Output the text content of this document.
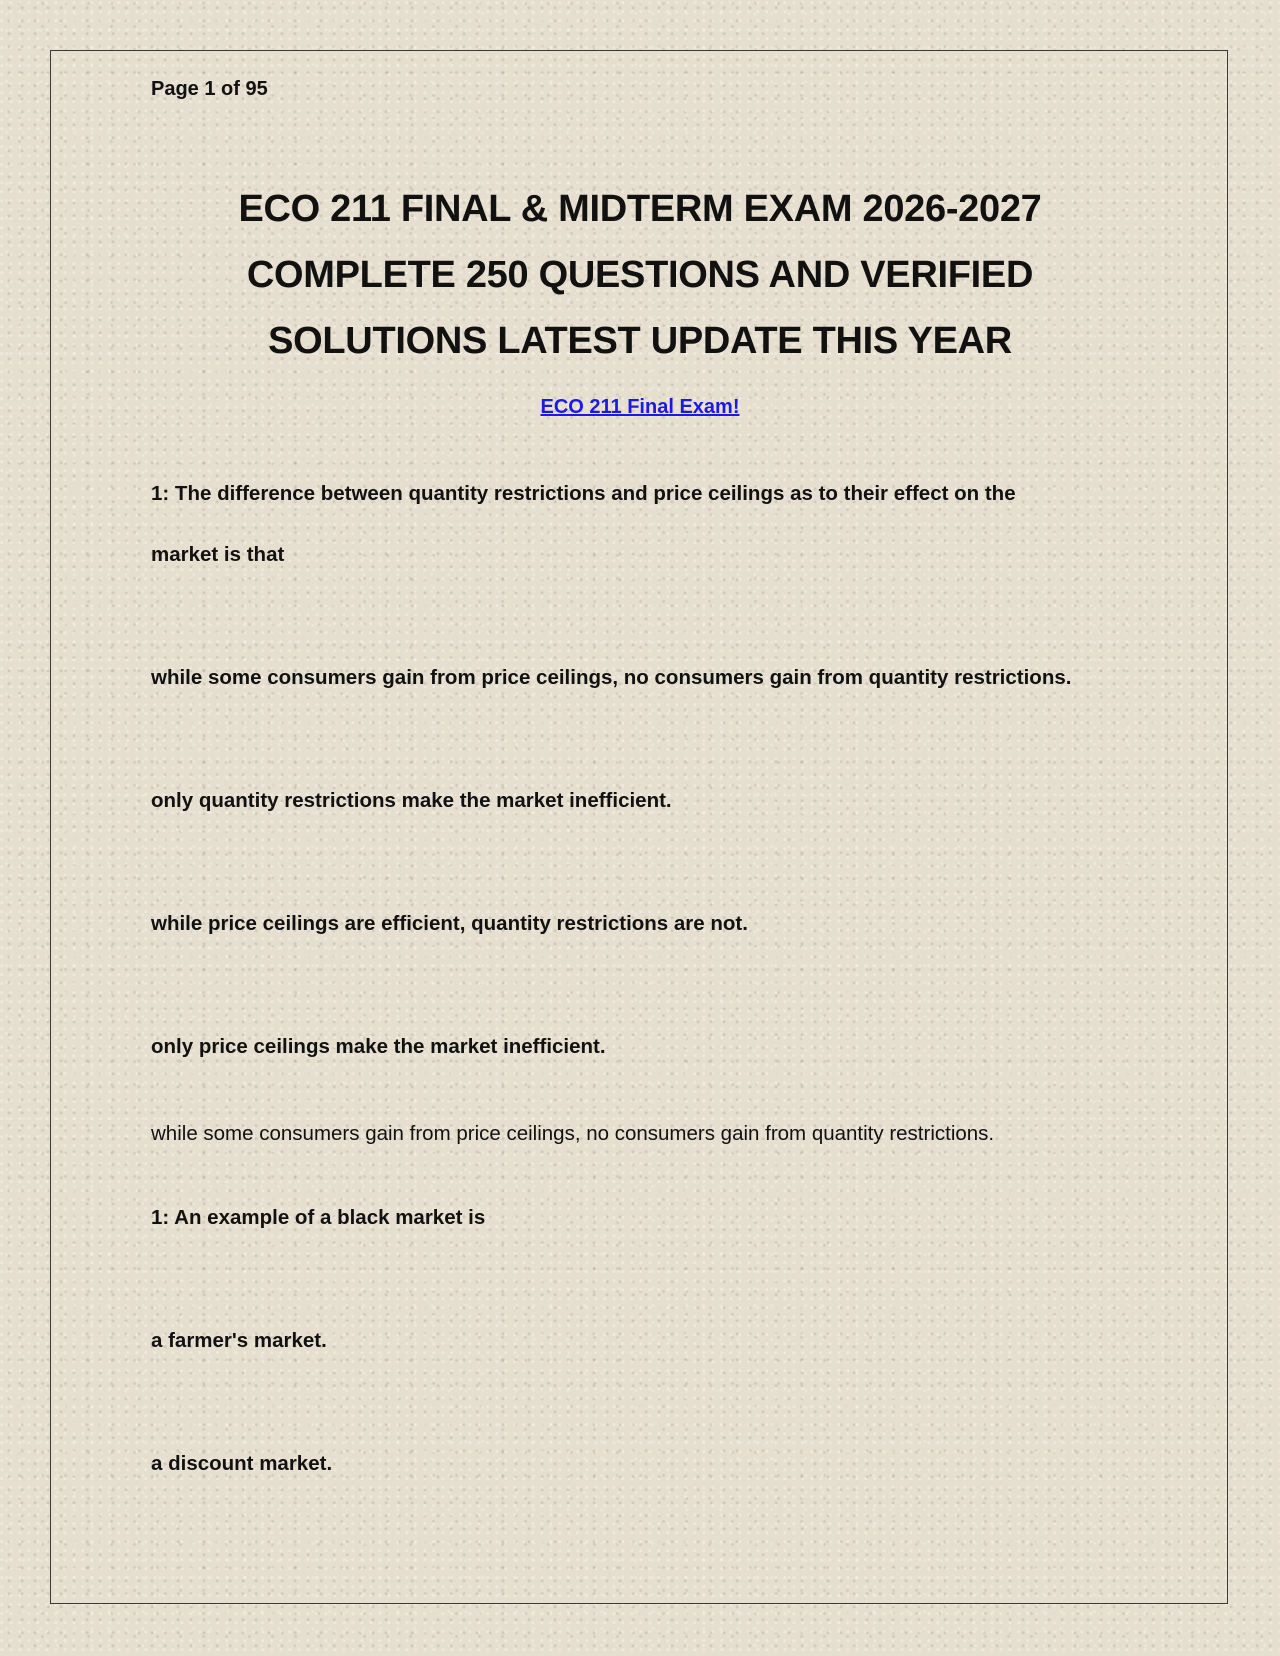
Page 1 of 95

ECO 211 FINAL & MIDTERM EXAM 2026-2027
COMPLETE 250 QUESTIONS AND VERIFIED
SOLUTIONS LATEST UPDATE THIS YEAR

ECO 211 Final Exam!

1: The difference between quantity restrictions and price ceilings as to their effect on the

market is that

while some consumers gain from price ceilings, no consumers gain from quantity restrictions.

only quantity restrictions make the market inefficient.

while price ceilings are efficient, quantity restrictions are not.

only price ceilings make the market inefficient.

while some consumers gain from price ceilings, no consumers gain from quantity restrictions.

1: An example of a black market is

a farmer's market.

a discount market.
